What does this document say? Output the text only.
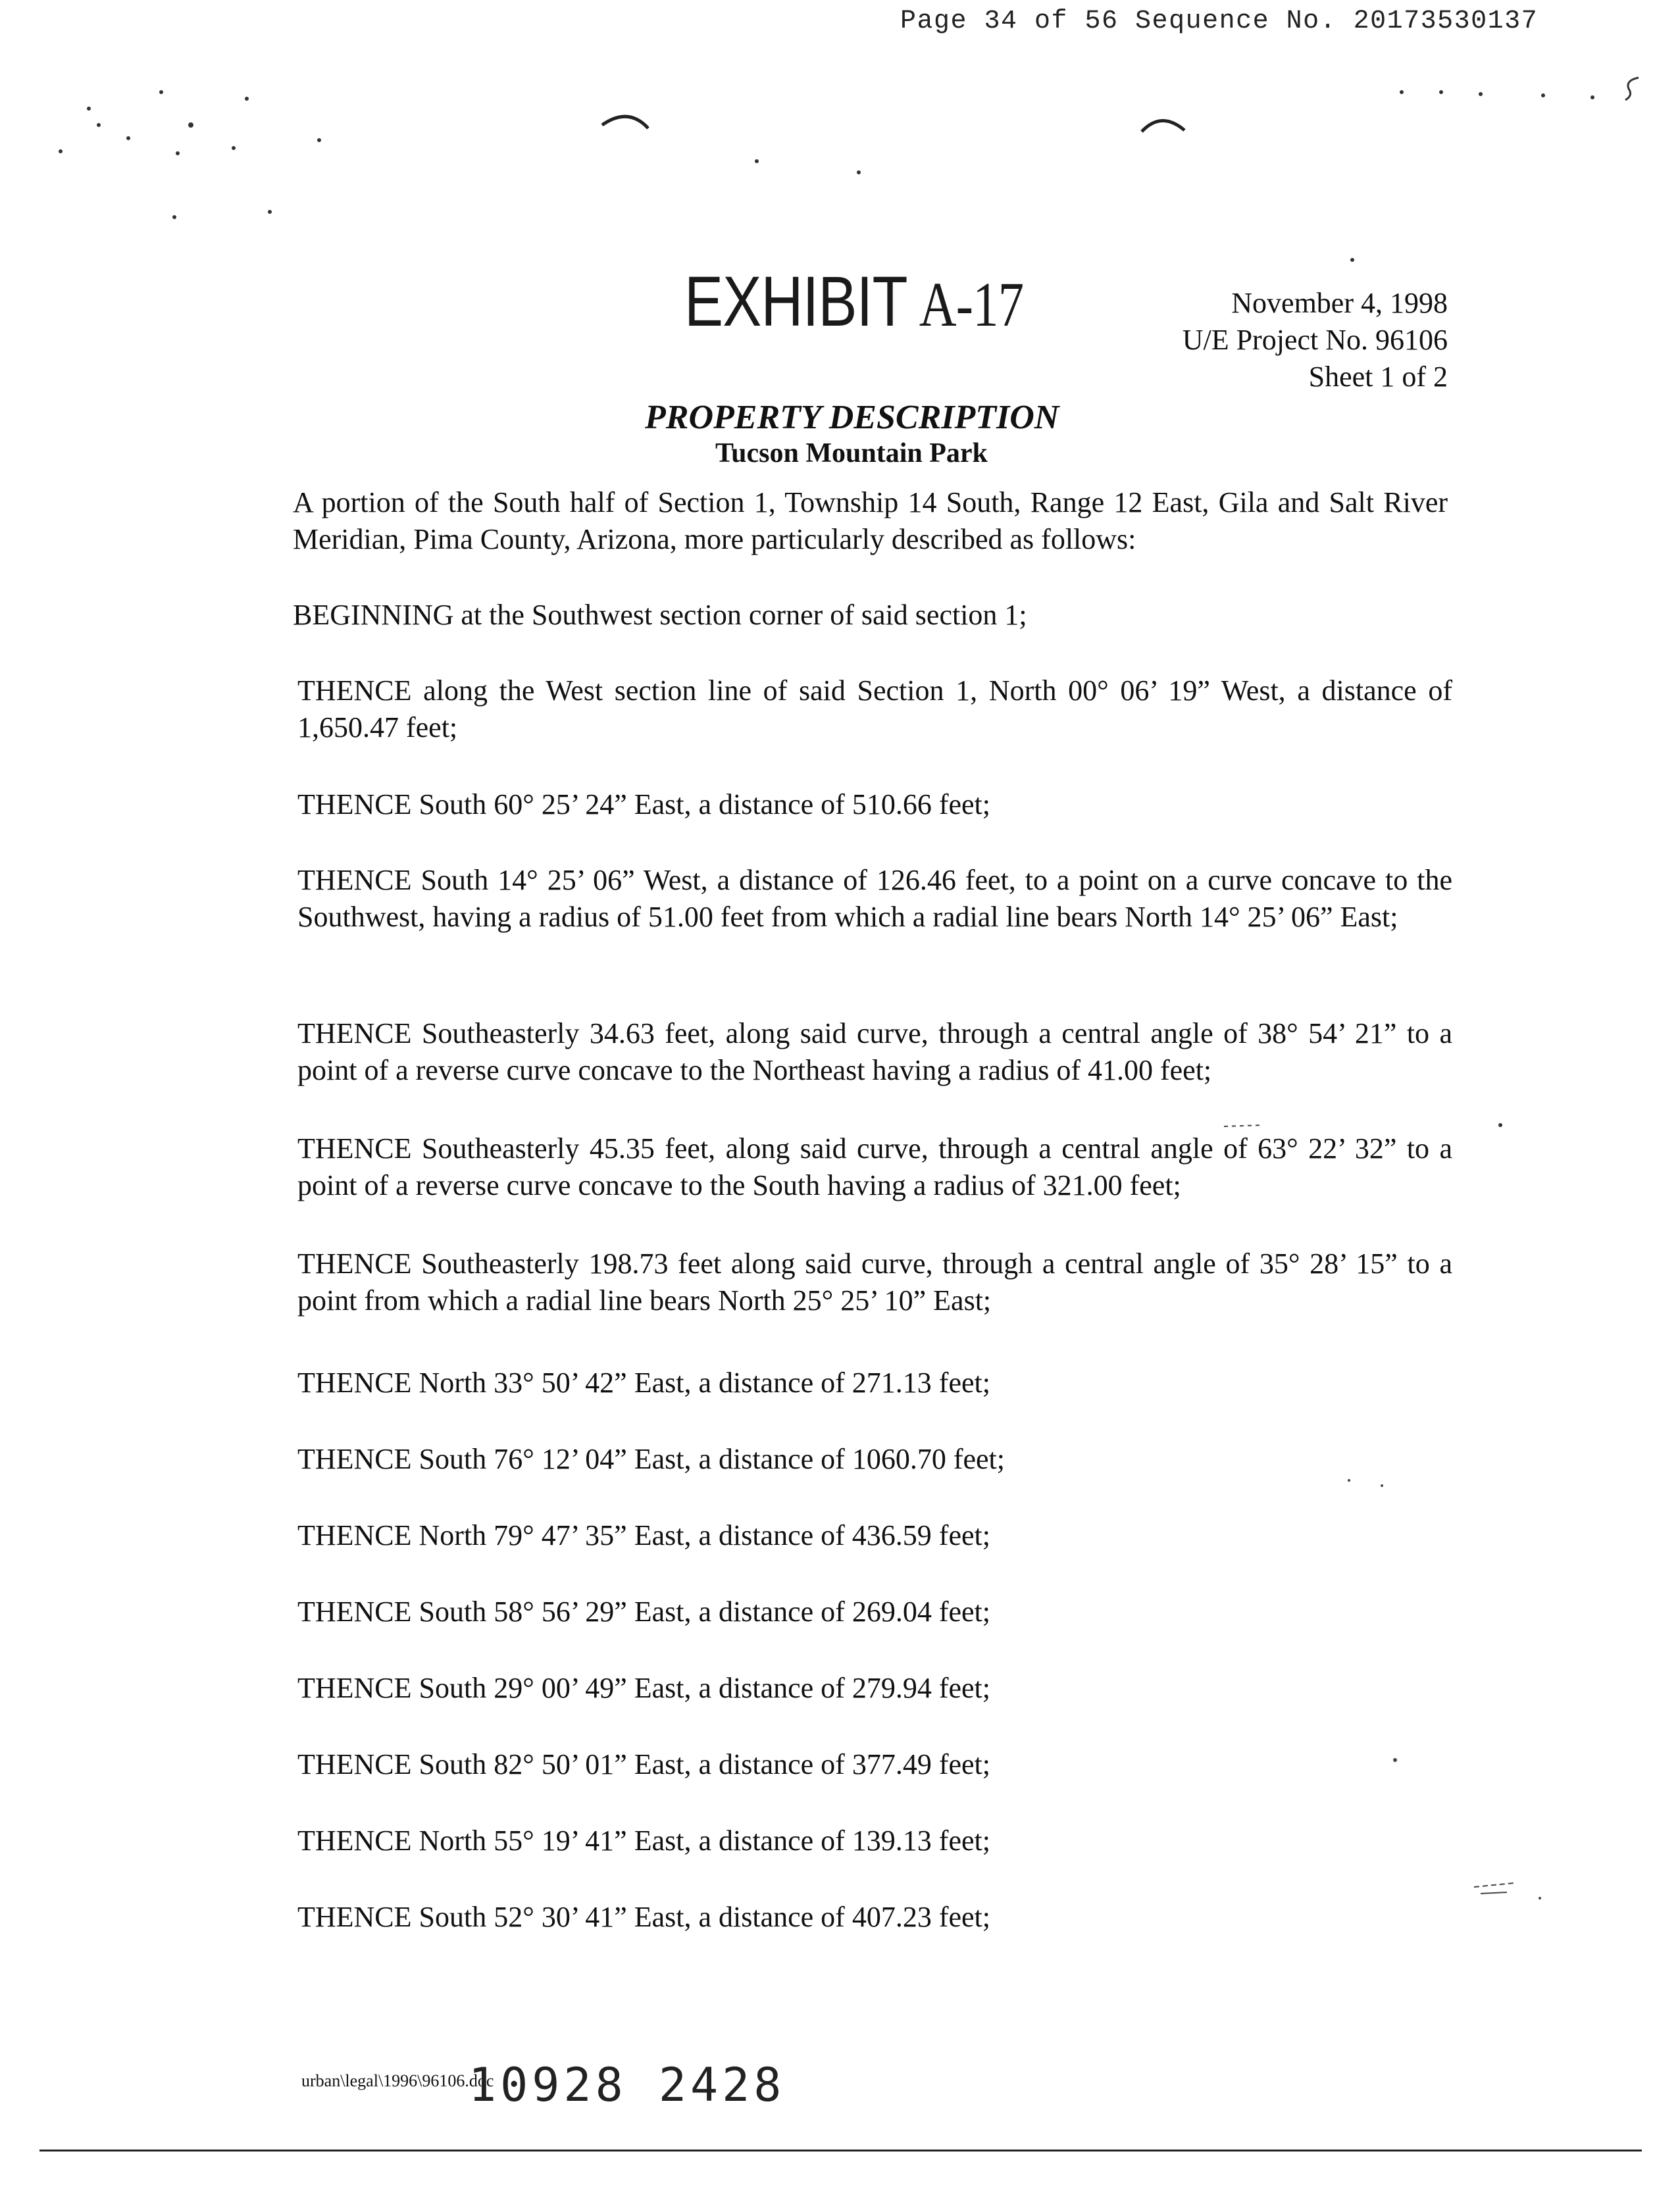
Page 34 of 56 Sequence No. 20173530137
EXHIBIT A-17	November 4, 1998
U/E Project No. 96106
Sheet 1 of 2
PROPERTY DESCRIPTION
Tucson Mountain Park
A portion of the South half of Section 1, Township 14 South, Range 12 East, Gila and Salt River Meridian, Pima County, Arizona, more particularly described as follows:
BEGINNING at the Southwest section corner of said section 1;
THENCE along the West section line of said Section 1, North 00° 06’ 19” West, a distance of 1,650.47 feet;
THENCE South 60° 25’ 24” East, a distance of 510.66 feet;
THENCE South 14° 25’ 06” West, a distance of 126.46 feet, to a point on a curve concave to the Southwest, having a radius of 51.00 feet from which a radial line bears North 14° 25’ 06” East;
THENCE Southeasterly 34.63 feet, along said curve, through a central angle of 38° 54’ 21” to a point of a reverse curve concave to the Northeast having a radius of 41.00 feet;
THENCE Southeasterly 45.35 feet, along said curve, through a central angle of 63° 22’ 32” to a point of a reverse curve concave to the South having a radius of 321.00 feet;
THENCE Southeasterly 198.73 feet along said curve, through a central angle of 35° 28’ 15” to a point from which a radial line bears North 25° 25’ 10” East;
THENCE North 33° 50’ 42” East, a distance of 271.13 feet;
THENCE South 76° 12’ 04” East, a distance of 1060.70 feet;
THENCE North 79° 47’ 35” East, a distance of 436.59 feet;
THENCE South 58° 56’ 29” East, a distance of 269.04 feet;
THENCE South 29° 00’ 49” East, a distance of 279.94 feet;
THENCE South 82° 50’ 01” East, a distance of 377.49 feet;
THENCE North 55° 19’ 41” East, a distance of 139.13 feet;
THENCE South 52° 30’ 41” East, a distance of 407.23 feet;
urban\legal\1996\96106.doc
10928 2428
